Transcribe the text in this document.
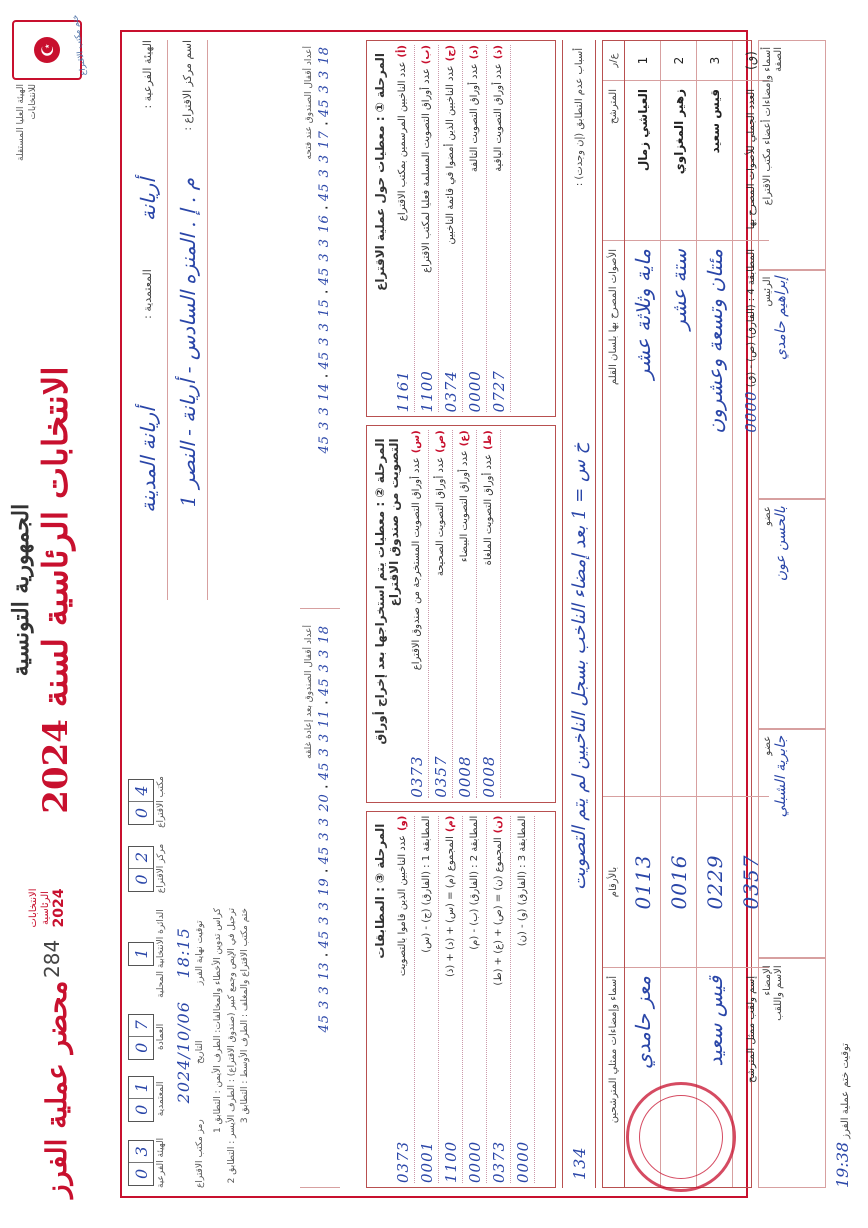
☪
الهيئة العليا المستقلة للانتخابات
ختم مكتب الاقتراع
الجمهورية التونسية
الانتخابات الرئاسية لسنة 2024
الانتخابات الرئاسية 2024
284
محضر عملية الفرز
الهيئة الفرعية :
أريانة
المعتمدية :
أريانة المدينة
اسم مركز الاقتراع :
م . إ . المنزه السادس - أريانة - النصر 1
0
3 الهيئة الفرعية
0
1 المعتمدية
0
7 العمادة
1 الدائرة الانتخابية المحلية
0
2 مركز الاقتراع
0
4 مكتب الاقتراع
رمز مكتب الاقتراع
2024/10/06 التاريخ
18:15 توقيت نهاية الفرز
كراس تدوين الأخطاء والمخالفات: الطرف الأيمن : التطابق 1
ترحيل في الإيص وجمع كبير (صندوق الاقتراع) : الطرف الأيسر : التطابق 2 ختم مكتب الاقتراع والمغلف : الطرف الأوسط : التطابق 3
أعداد أقفال الصندوق عند فتحه
45 3 3 14
·
45 3 3 15
·
45 3 3 16
·
45 3 3 17
·
45 3 3 18
أعداد أقفال الصندوق بعد إعادة غلقه
45 3 3 13
·
45 3 3 19
·
45 3 3 20
·
45 3 3 11
·
45 3 3 18
المرحلة ① : معطيات حول عملية الاقتراع
(أ)عدد الناخبين المرسمين بمكتب الاقتراع
1161
(ب)عدد أوراق التصويت المسلمة فعليا لمكتب الاقتراع
1100
(ج)عدد الناخبين الذين أمضوا في قائمة الناخبين
0374
(د)عدد أوراق التصويت التالفة
0000
(ذ)عدد أوراق التصويت الباقية
0727
المرحلة ② : معطيات يتم استخراجها بعد إخراج أوراق التصويت من صندوق الاقتراع	(س)عدد أوراق التصويت المستخرجة من صندوق الاقتراع
0373
(ص)عدد أوراق التصويت الصحيحة
0357
(ع)عدد أوراق التصويت البيضاء
0008
(ط)عدد أوراق التصويت الملغاة
0008
المرحلة ③ : المطابقات
(و)عدد الناخبين الذين قاموا بالتصويت
0373
المطابقة 1 : (الفارق) (ج) - (س)
0001
(م)المجموع (م) = (س) + (د) + (ذ)
1100
المطابقة 2 : (الفارق) (ب) - (م)
0000
(ن)المجموع (ن) = (ص) + (ع) + (ط)
0373
المطابقة 3 : (الفارق) (و) - (ن)
0000
أسباب عدم التطابق (إن وجدت) :
خ س = 1 بعد إمضاء الناخب بسجل الناخبين لم يتم التصويت
134
ع/ر
المترشح
الأصوات المصرح بها بلسان القلم
بالأرقام
أسماء وإمضاءات ممثلي المترشحين
1
العياشي زمال
ماية وثلاثة عشر
0113
معز حامدي
2
زهير المغزاوي
ستة عشر
0016
3
قيس سعيد
مئتان وتسعة وعشرون
0229
قيس سعيد
(ق)
العدد الجملي للأصوات المصرح بها
المطابقة 4 : (الفارق)

(ص) - (ق)

0000
0357
إسم ولقب ممثل المترشح
أسماء وإمضاءات أعضاء مكتب الاقتراع الصفة
الرئيس إبراهيم حامدي
عضو بالحسن عون
عضو جابرية الشبلي
الإمضاء الاسم واللقب
توقيت ختم عملية الفرز 19:38
